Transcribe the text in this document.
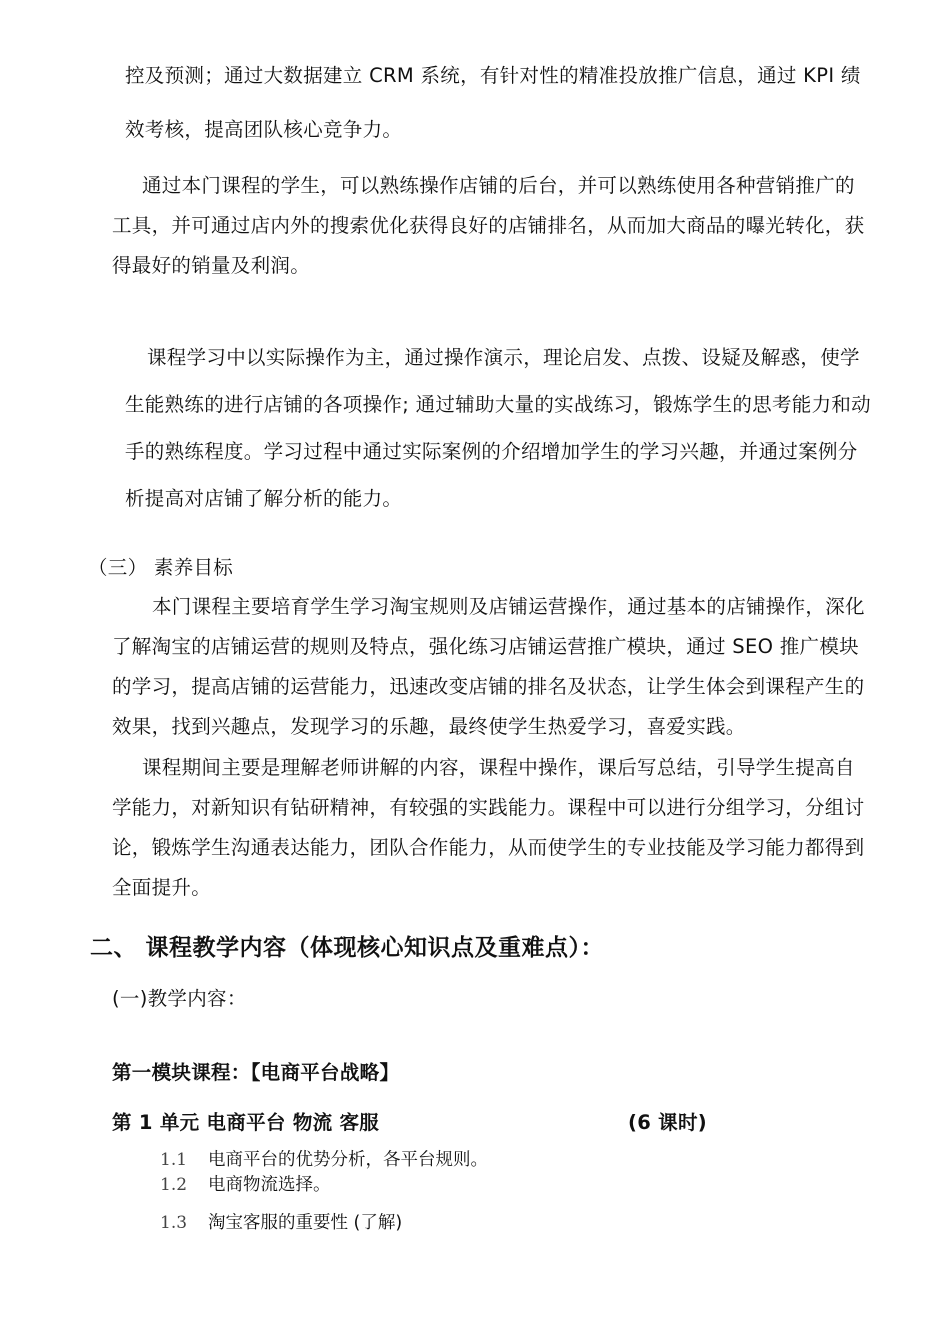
控及预测；通过大数据建立 CRM 系统，有针对性的精准投放推广信息，通过 KPI 绩
效考核，提高团队核心竞争力。
通过本门课程的学生，可以熟练操作店铺的后台，并可以熟练使用各种营销推广的
工具，并可通过店内外的搜索优化获得良好的店铺排名，从而加大商品的曝光转化，获
得最好的销量及利润。
课程学习中以实际操作为主，通过操作演示，理论启发、点拨、设疑及解惑，使学
生能熟练的进行店铺的各项操作; 通过辅助大量的实战练习，锻炼学生的思考能力和动
手的熟练程度。学习过程中通过实际案例的介绍增加学生的学习兴趣，并通过案例分
析提高对店铺了解分析的能力。
（三） 素养目标
本门课程主要培育学生学习淘宝规则及店铺运营操作，通过基本的店铺操作，深化
了解淘宝的店铺运营的规则及特点，强化练习店铺运营推广模块，通过 SEO 推广模块
的学习，提高店铺的运营能力，迅速改变店铺的排名及状态，让学生体会到课程产生的
效果，找到兴趣点，发现学习的乐趣，最终使学生热爱学习，喜爱实践。
课程期间主要是理解老师讲解的内容，课程中操作，课后写总结，引导学生提高自
学能力，对新知识有钻研精神，有较强的实践能力。课程中可以进行分组学习，分组讨
论，锻炼学生沟通表达能力，团队合作能力，从而使学生的专业技能及学习能力都得到
全面提升。
二、 课程教学内容（体现核心知识点及重难点）：
(一)教学内容：
第一模块课程：【电商平台战略】
第 1 单元 电商平台 物流 客服	(6 课时)
1.1 电商平台的优势分析，各平台规则。
1.2 电商物流选择。
1.3 淘宝客服的重要性 (了解)
